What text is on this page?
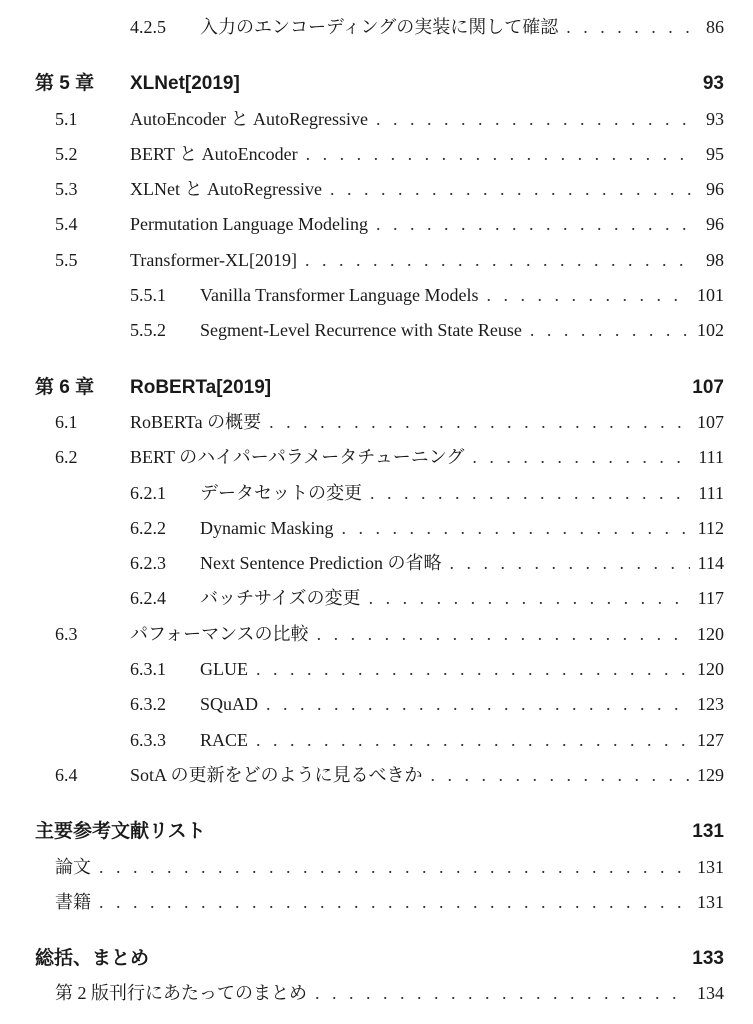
4.2.5 入力のエンコーディングの実装に関して確認 . . .	86
第 5 章 XLNet[2019]	93
5.1	AutoEncoder と AutoRegressive . . .	93
5.2	BERT と AutoEncoder . . .	95
5.3	XLNet と AutoRegressive . . .	96
5.4	Permutation Language Modeling . . .	96
5.5	Transformer-XL[2019] . . .	98
5.5.1 Vanilla Transformer Language Models . . .	101
5.5.2 Segment-Level Recurrence with State Reuse . . .	102
第 6 章 RoBERTa[2019]	107
6.1	RoBERTa の概要 . . .	107
6.2	BERT のハイパーパラメータチューニング . . .	111
6.2.1 データセットの変更 . . .	111
6.2.2 Dynamic Masking . . .	112
6.2.3 Next Sentence Prediction の省略 . . .	114
6.2.4 バッチサイズの変更 . . .	117
6.3	パフォーマンスの比較 . . .	120
6.3.1 GLUE . . .	120
6.3.2 SQuAD . . .	123
6.3.3 RACE . . .	127
6.4	SotA の更新をどのように見るべきか . . .	129
主要参考文献リスト	131
論文 . . .	131
書籍 . . .	131
総括、まとめ	133
第 2 版刊行にあたってのまとめ . . .	134
